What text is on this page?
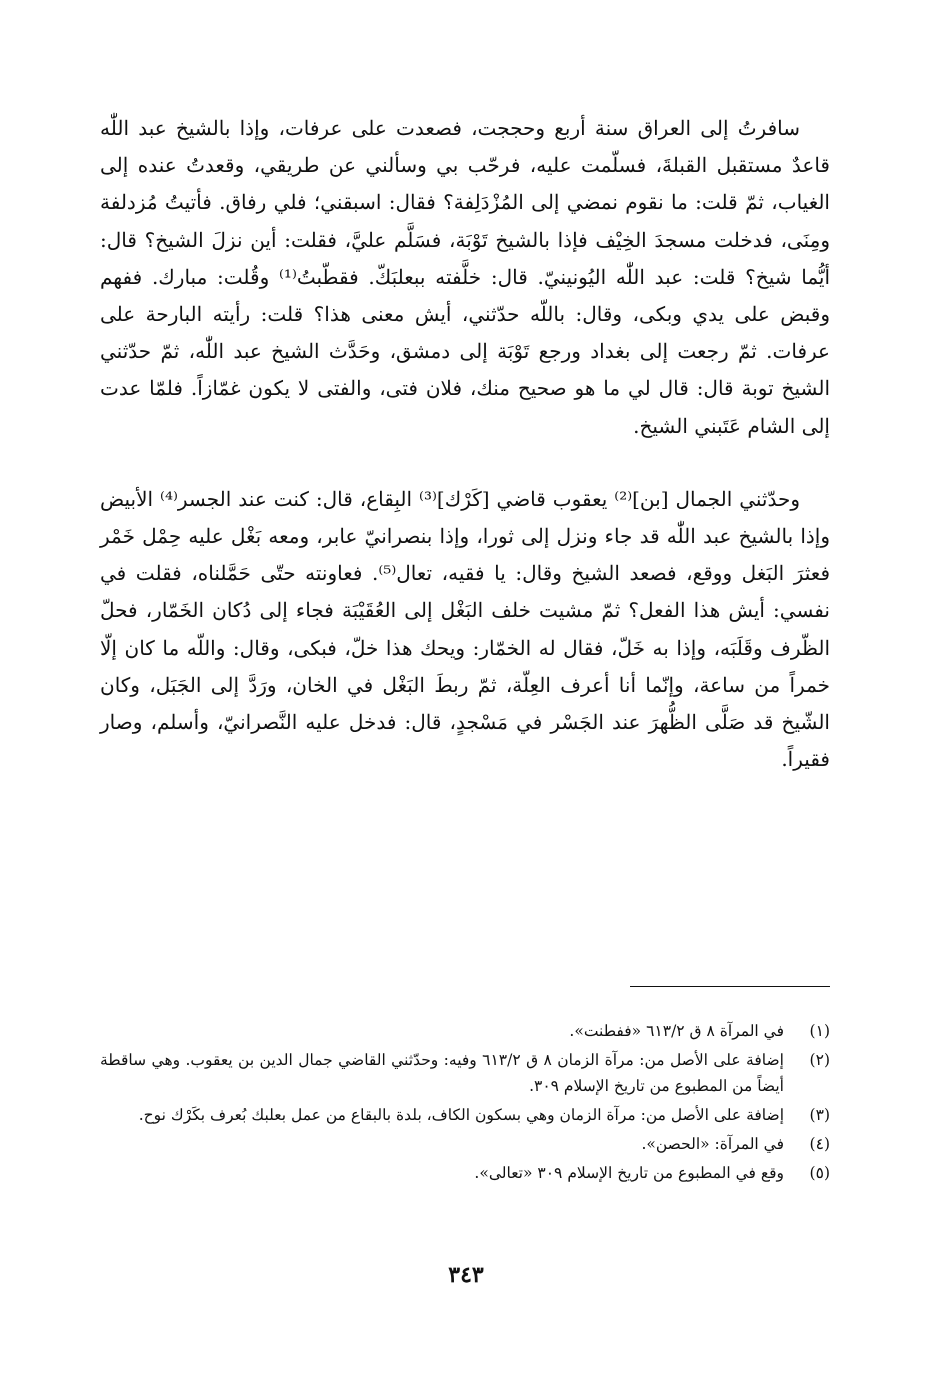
سافرتُ إلى العراق سنة أربع وحججت، فصعدت على عرفات، وإذا بالشيخ عبد اللّٰه قاعدٌ مستقبل القبلةَ، فسلّمت عليه، فرحّب بي وسألني عن طريقي، وقعدتُ عنده إلى الغياب، ثمّ قلت: ما نقوم نمضي إلى المُزْدَلِفة؟ فقال: اسبقني؛ فلي رفاق. فأتيتُ مُزدلفة ومِنَى، فدخلت مسجدَ الخِيْف فإذا بالشيخ تَوْبَة، فسَلَّم عليَّ، فقلت: أين نزلَ الشيخ؟ قال: أيُّما شيخ؟ قلت: عبد اللّٰه اليُونينيّ. قال: خلَّفته ببعلبَكّ. فقطّبتُ⁽¹⁾ وقُلت: مبارك. ففهم وقبض على يدي وبكى، وقال: باللّه حدّثني، أيش معنى هذا؟ قلت: رأيته البارحة على عرفات. ثمّ رجعت إلى بغداد ورجع تَوْبَة إلى دمشق، وحَدَّث الشيخ عبد اللّٰه، ثمّ حدّثني الشيخ توبة قال: قال لي ما هو صحيح منك، فلان فتى، والفتى لا يكون غمّازاً. فلمّا عدت إلى الشام عَتَبني الشيخ.

وحدّثني الجمال [بن]⁽²⁾ يعقوب قاضي [كَرْك]⁽³⁾ البِقاع، قال: كنت عند الجسر⁽⁴⁾ الأبيض وإذا بالشيخ عبد اللّٰه قد جاء ونزل إلى ثورا، وإذا بنصرانيّ عابر، ومعه بَغْل عليه حِمْل خَمْر فعثرَ البَغل ووقع، فصعد الشيخ وقال: يا فقيه، تعال⁽⁵⁾. فعاونته حتّى حَمَّلناه، فقلت في نفسي: أيش هذا الفعل؟ ثمّ مشيت خلف البَغْل إلى العُقَيْبَة فجاء إلى دُكان الخَمّار، فحلّ الظّرف وقَلَبَه، وإذا به خَلّ، فقال له الخمّار: ويحك هذا خلّ، فبكى، وقال: واللّه ما كان إلّا خمراً من ساعة، وإنّما أنا أعرف العِلّة، ثمّ ربطَ البَغْل في الخان، ورَدَّ إلى الجَبَل، وكان الشّيخ قد صَلَّى الظُّهرَ عند الجَسْر في مَسْجدٍ، قال: فدخل عليه النَّصرانيّ، وأسلم، وصار فقيراً.

(١)
في المرآة ٨ ق ٦١٣/٢ «ففطنت».
(٢)
إضافة على الأصل من: مرآة الزمان ٨ ق ٦١٣/٢ وفيه: وحدّثني القاضي جمال الدين بن يعقوب. وهي ساقطة أيضاً من المطبوع من تاريخ الإسلام ٣٠٩.
(٣)
إضافة على الأصل من: مرآة الزمان وهي بسكون الكاف، بلدة بالبقاع من عمل بعلبك بُعرف بكَرْك نوح.
(٤)
في المرآة: «الحصن».
(٥)
وقع في المطبوع من تاريخ الإسلام ٣٠٩ «تعالى».
٣٤٣
